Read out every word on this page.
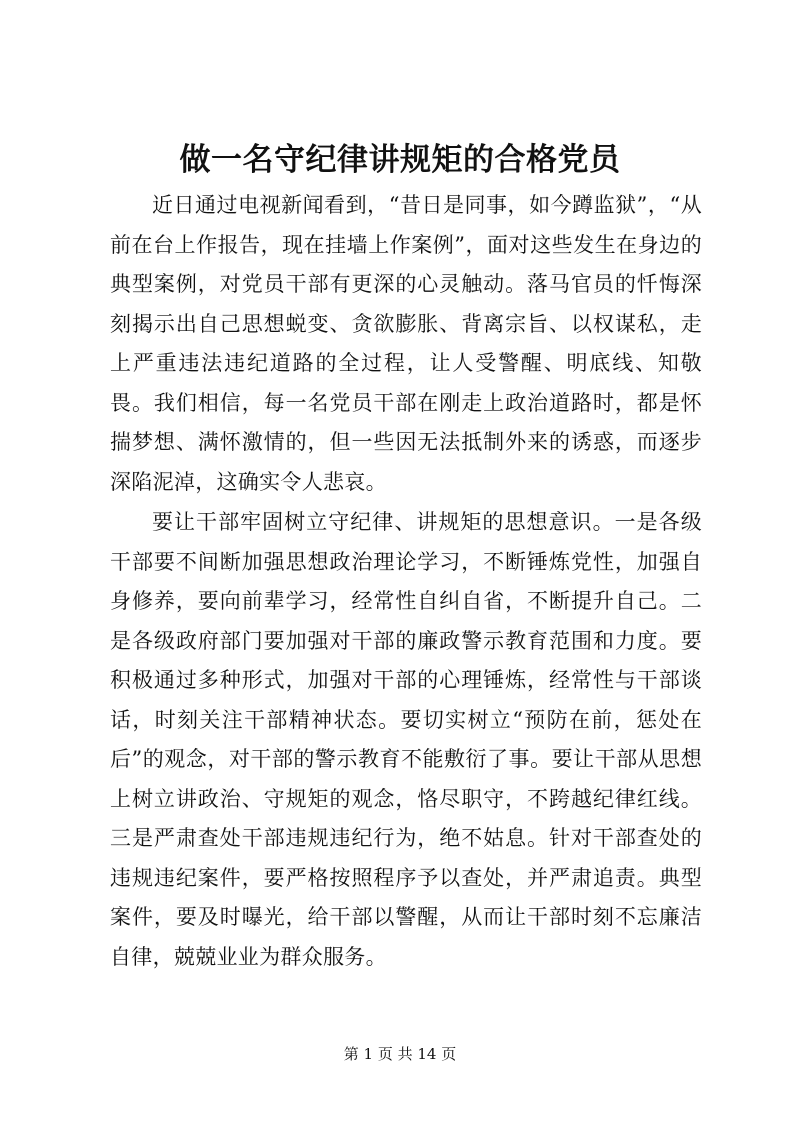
做一名守纪律讲规矩的合格党员

近日通过电视新闻看到，“昔日是同事，如今蹲监狱”，“从前在台上作报告，现在挂墙上作案例”，面对这些发生在身边的典型案例，对党员干部有更深的心灵触动。落马官员的忏悔深刻揭示出自己思想蜕变、贪欲膨胀、背离宗旨、以权谋私，走上严重违法违纪道路的全过程，让人受警醒、明底线、知敬畏。我们相信，每一名党员干部在刚走上政治道路时，都是怀揣梦想、满怀激情的，但一些因无法抵制外来的诱惑，而逐步深陷泥淖，这确实令人悲哀。

要让干部牢固树立守纪律、讲规矩的思想意识。一是各级干部要不间断加强思想政治理论学习，不断锤炼党性，加强自身修养，要向前辈学习，经常性自纠自省，不断提升自己。二是各级政府部门要加强对干部的廉政警示教育范围和力度。要积极通过多种形式，加强对干部的心理锤炼，经常性与干部谈话，时刻关注干部精神状态。要切实树立“预防在前，惩处在后”的观念，对干部的警示教育不能敷衍了事。要让干部从思想上树立讲政治、守规矩的观念，恪尽职守，不跨越纪律红线。三是严肃查处干部违规违纪行为，绝不姑息。针对干部查处的违规违纪案件，要严格按照程序予以查处，并严肃追责。典型案件，要及时曝光，给干部以警醒，从而让干部时刻不忘廉洁自律，兢兢业业为群众服务。

第 1 页 共 14 页
